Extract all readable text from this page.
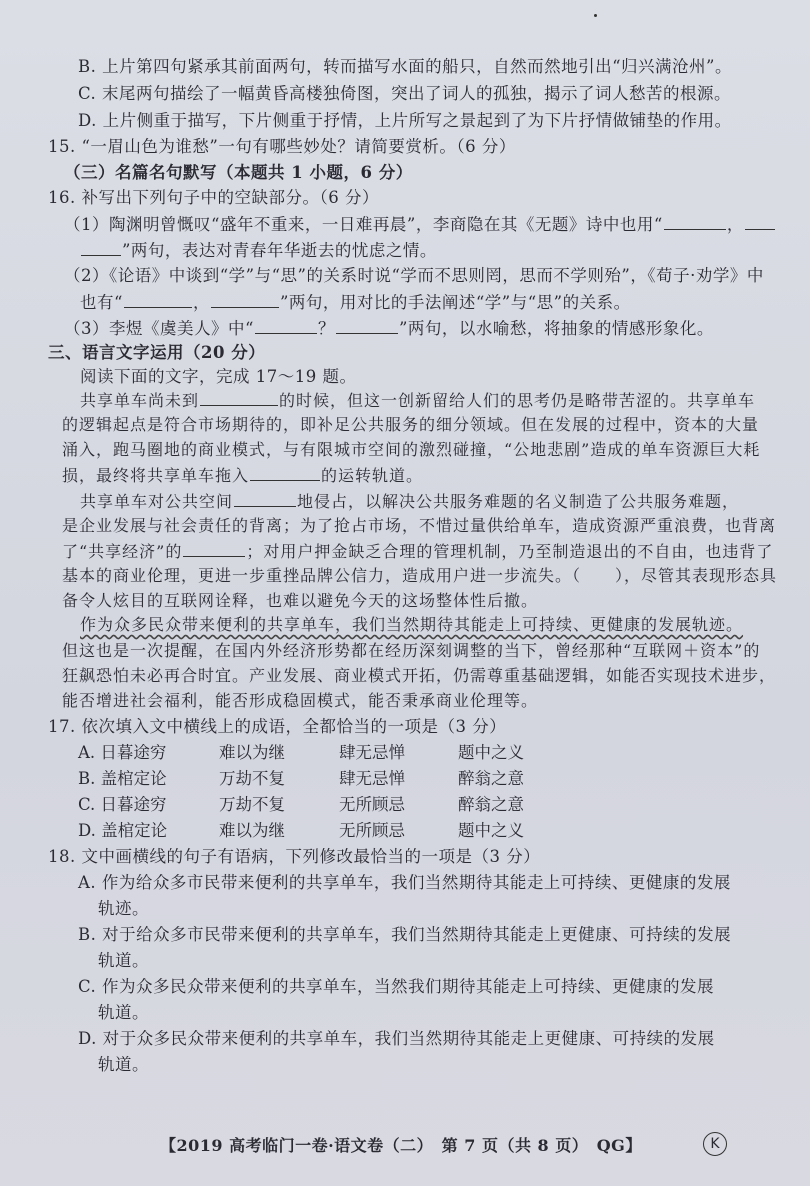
B. 上片第四句紧承其前面两句，转而描写水面的船只，自然而然地引出“归兴满沧州”。
C. 末尾两句描绘了一幅黄昏高楼独倚图，突出了词人的孤独，揭示了词人愁苦的根源。
D. 上片侧重于描写，下片侧重于抒情，上片所写之景起到了为下片抒情做铺垫的作用。
15. “一眉山色为谁愁”一句有哪些妙处？请简要赏析。（6 分）
（三）名篇名句默写（本题共 1 小题，6 分）
16. 补写出下列句子中的空缺部分。（6 分）
（1）陶渊明曾慨叹“盛年不重来，一日难再晨”，李商隐在其《无题》诗中也用“	，
”两句，表达对青春年华逝去的忧虑之情。
（2）《论语》中谈到“学”与“思”的关系时说“学而不思则罔，思而不学则殆”，《荀子·劝学》中
也有“	，	”两句，用对比的手法阐述“学”与“思”的关系。
（3）李煜《虞美人》中“	？	”两句，以水喻愁，将抽象的情感形象化。
三、语言文字运用（20 分）
阅读下面的文字，完成 17～19 题。
共享单车尚未到	的时候，但这一创新留给人们的思考仍是略带苦涩的。共享单车
的逻辑起点是符合市场期待的，即补足公共服务的细分领域。但在发展的过程中，资本的大量
涌入，跑马圈地的商业模式，与有限城市空间的激烈碰撞，“公地悲剧”造成的单车资源巨大耗
损，最终将共享单车拖入	的运转轨道。
共享单车对公共空间	地侵占，以解决公共服务难题的名义制造了公共服务难题，
是企业发展与社会责任的背离；为了抢占市场，不惜过量供给单车，造成资源严重浪费，也背离
了“共享经济”的	；对用户押金缺乏合理的管理机制，乃至制造退出的不自由，也违背了
基本的商业伦理，更进一步重挫品牌公信力，造成用户进一步流失。（　　），尽管其表现形态具
备令人炫目的互联网诠释，也难以避免今天的这场整体性后撤。
作为众多民众带来便利的共享单车，我们当然期待其能走上可持续、更健康的发展轨迹。
但这也是一次提醒，在国内外经济形势都在经历深刻调整的当下，曾经那种“互联网＋资本”的
狂飙恐怕未必再合时宜。产业发展、商业模式开拓，仍需尊重基础逻辑，如能否实现技术进步，
能否增进社会福利，能否形成稳固模式，能否秉承商业伦理等。
17. 依次填入文中横线上的成语，全都恰当的一项是（3 分）
A. 日暮途穷	难以为继	肆无忌惮	题中之义
B. 盖棺定论	万劫不复	肆无忌惮	醉翁之意
C. 日暮途穷	万劫不复	无所顾忌	醉翁之意
D. 盖棺定论	难以为继	无所顾忌	题中之义
18. 文中画横线的句子有语病，下列修改最恰当的一项是（3 分）
A. 作为给众多市民带来便利的共享单车，我们当然期待其能走上可持续、更健康的发展
轨迹。
B. 对于给众多市民带来便利的共享单车，我们当然期待其能走上更健康、可持续的发展
轨道。
C. 作为众多民众带来便利的共享单车，当然我们期待其能走上可持续、更健康的发展
轨道。
D. 对于众多民众带来便利的共享单车，我们当然期待其能走上更健康、可持续的发展
轨道。
【2019 高考临门一卷·语文卷（二）　第 7 页（共 8 页）　QG】	K
